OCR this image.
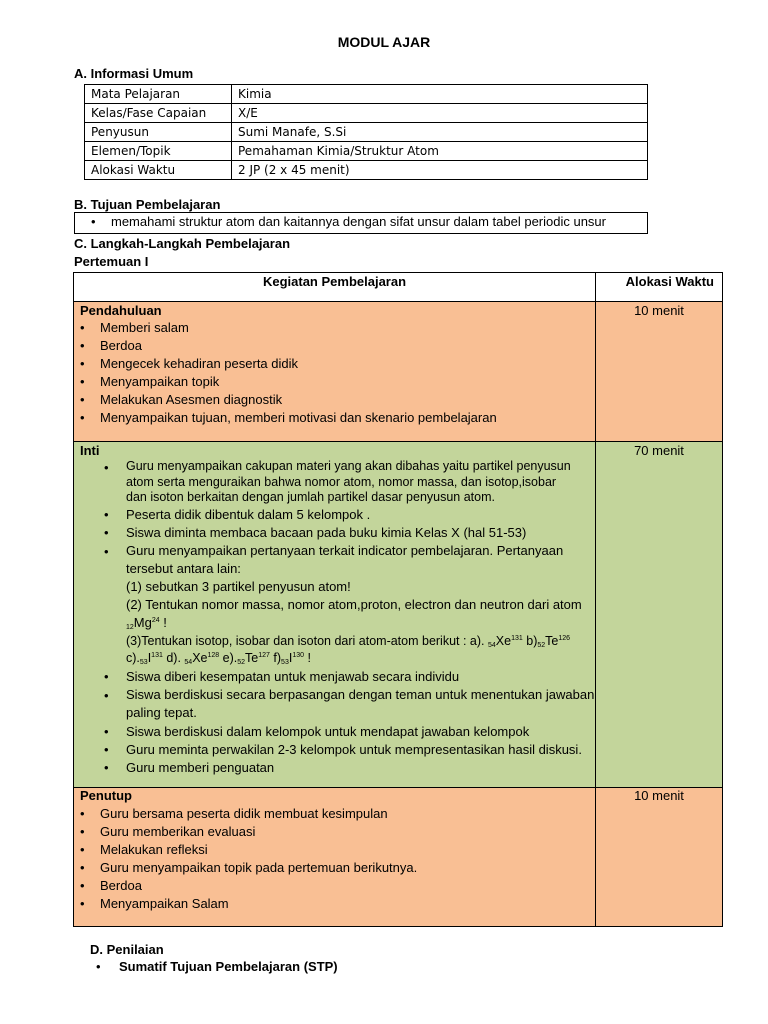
MODUL AJAR
A. Informasi Umum
Mata Pelajaran	Kimia
Kelas/Fase Capaian	X/E
Penyusun	Sumi Manafe, S.Si
Elemen/Topik	Pemahaman Kimia/Struktur Atom
Alokasi Waktu	2 JP (2 x 45 menit)
B. Tujuan Pembelajaran
• memahami struktur atom dan kaitannya dengan sifat unsur dalam tabel periodic unsur
C. Langkah-Langkah Pembelajaran
Pertemuan I
Kegiatan Pembelajaran	Alokasi Waktu
Pendahuluan
• Memberi salam
• Berdoa
• Mengecek kehadiran peserta didik
• Menyampaikan topik
• Melakukan Asesmen diagnostik
• Menyampaikan tujuan, memberi motivasi dan skenario pembelajaran
10 menit
Inti
• Guru menyampaikan cakupan materi yang akan dibahas yaitu partikel penyusun
atom serta menguraikan bahwa nomor atom, nomor massa, dan isotop,isobar
dan isoton berkaitan dengan jumlah partikel dasar penyusun atom.
• Peserta didik dibentuk dalam 5 kelompok .
• Siswa diminta membaca bacaan pada buku kimia Kelas X (hal 51-53)
• Guru menyampaikan pertanyaan terkait indicator pembelajaran. Pertanyaan
tersebut antara lain:
(1) sebutkan 3 partikel penyusun atom!
(2) Tentukan nomor massa, nomor atom,proton, electron dan neutron dari atom
$_{12}Mg^{24}$ !
(3)Tentukan isotop, isobar dan isoton dari atom-atom berikut : a). $_{54}Xe^{131}$ $b)_{52}Te^{126}$
$c)._{53}I^{131}$ d). $_{54}Xe^{128}$ $e)._{52}Te^{127}$ $f)_{53}I^{130}$ !
• Siswa diberi kesempatan untuk menjawab secara individu
• Siswa berdiskusi secara berpasangan dengan teman untuk menentukan jawaban
paling tepat.
• Siswa berdiskusi dalam kelompok untuk mendapat jawaban kelompok
• Guru meminta perwakilan 2-3 kelompok untuk mempresentasikan hasil diskusi.
• Guru memberi penguatan
70 menit
Penutup
• Guru bersama peserta didik membuat kesimpulan
• Guru memberikan evaluasi
• Melakukan refleksi
• Guru menyampaikan topik pada pertemuan berikutnya.
• Berdoa
• Menyampaikan Salam
10 menit
D. Penilaian
• Sumatif Tujuan Pembelajaran (STP)
